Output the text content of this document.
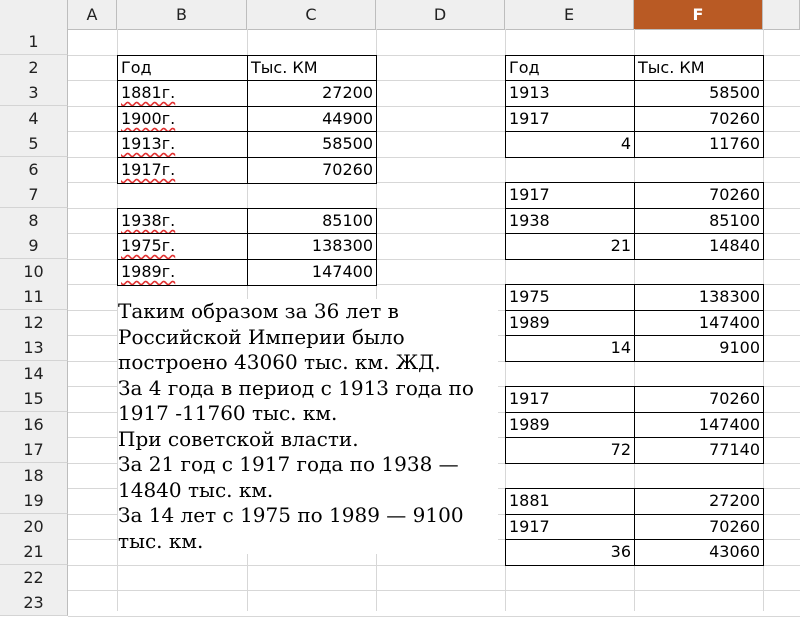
A	B	C	D	E	F
1
2
3
4
5
6
7
8
9
10
11
12
13
14
15
16
17
18
19
20
21
22
23
Год	Тыс. КМ
1881г.	27200
1900г.	44900
1913г.	58500
1917г.	70260
1938г.	85100
1975г.	138300
1989г.	147400
Год	Тыс. КМ
1913	58500
1917	70260
4	11760
1917	70260
1938	85100
21	14840
1975	138300
1989	147400
14	9100
1917	70260
1989	147400
72	77140
1881	27200
1917	70260
36	43060
Таким образом за 36 лет в
Российской Империи было
построено 43060 тыс. км. ЖД.
За 4 года в период с 1913 года по
1917 -11760 тыс. км.
При советской власти.
За 21 год с 1917 года по 1938 —
14840 тыс. км.
За 14 лет с 1975 по 1989 — 9100
тыс. км.
